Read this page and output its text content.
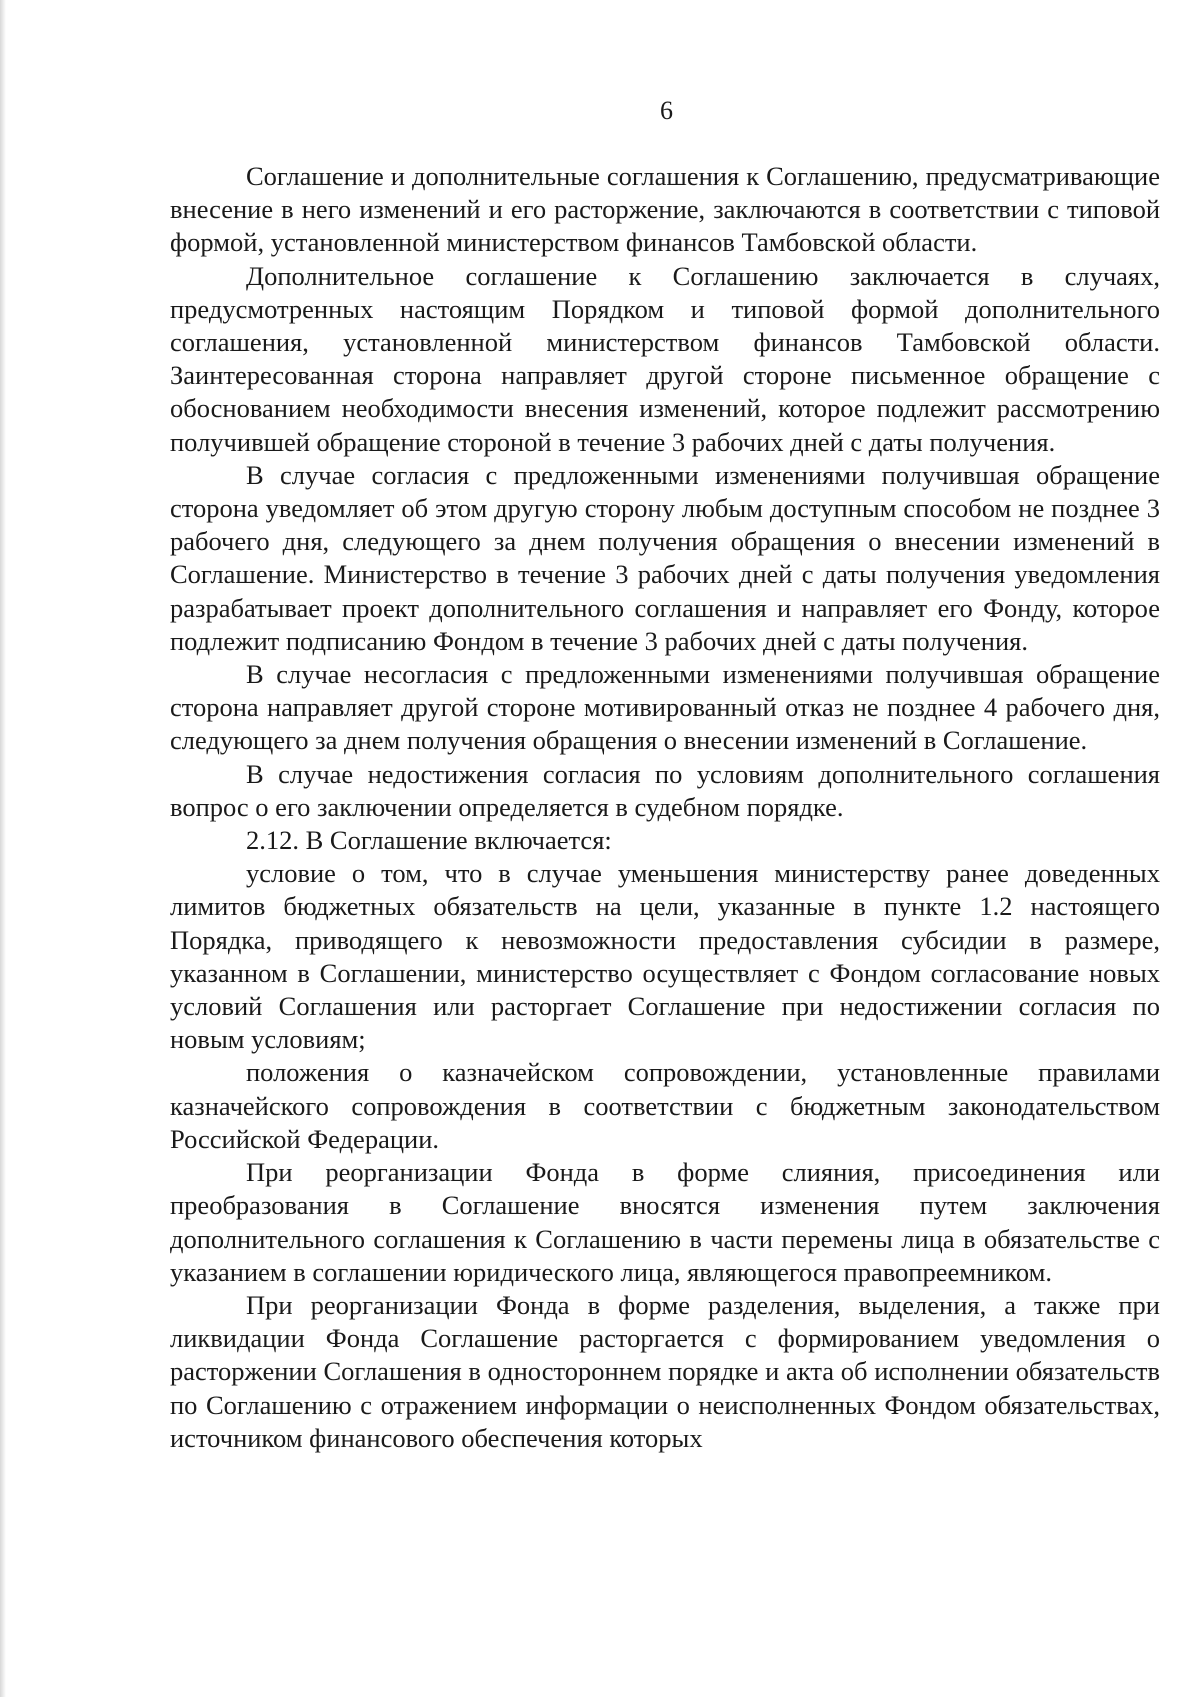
6

Соглашение и дополнительные соглашения к Соглашению, предусматривающие внесение в него изменений и его расторжение, заключаются в соответствии с типовой формой, установленной министерством финансов Тамбовской области.

Дополнительное соглашение к Соглашению заключается в случаях, предусмотренных настоящим Порядком и типовой формой дополнительного соглашения, установленной министерством финансов Тамбовской области. Заинтересованная сторона направляет другой стороне письменное обращение с обоснованием необходимости внесения изменений, которое подлежит рассмотрению получившей обращение стороной в течение 3 рабочих дней с даты получения.

В случае согласия с предложенными изменениями получившая обращение сторона уведомляет об этом другую сторону любым доступным способом не позднее 3 рабочего дня, следующего за днем получения обращения о внесении изменений в Соглашение. Министерство в течение 3 рабочих дней с даты получения уведомления разрабатывает проект дополнительного соглашения и направляет его Фонду, которое подлежит подписанию Фондом в течение 3 рабочих дней с даты получения.

В случае несогласия с предложенными изменениями получившая обращение сторона направляет другой стороне мотивированный отказ не позднее 4 рабочего дня, следующего за днем получения обращения о внесении изменений в Соглашение.

В случае недостижения согласия по условиям дополнительного соглашения вопрос о его заключении определяется в судебном порядке.

2.12. В Соглашение включается:

условие о том, что в случае уменьшения министерству ранее доведенных лимитов бюджетных обязательств на цели, указанные в пункте 1.2 настоящего Порядка, приводящего к невозможности предоставления субсидии в размере, указанном в Соглашении, министерство осуществляет с Фондом согласование новых условий Соглашения или расторгает Соглашение при недостижении согласия по новым условиям;

положения о казначейском сопровождении, установленные правилами казначейского сопровождения в соответствии с бюджетным законодательством Российской Федерации.

При реорганизации Фонда в форме слияния, присоединения или преобразования в Соглашение вносятся изменения путем заключения дополнительного соглашения к Соглашению в части перемены лица в обязательстве с указанием в соглашении юридического лица, являющегося правопреемником.

При реорганизации Фонда в форме разделения, выделения, а также при ликвидации Фонда Соглашение расторгается с формированием уведомления о расторжении Соглашения в одностороннем порядке и акта об исполнении обязательств по Соглашению с отражением информации о неисполненных Фондом обязательствах, источником финансового обеспечения которых
